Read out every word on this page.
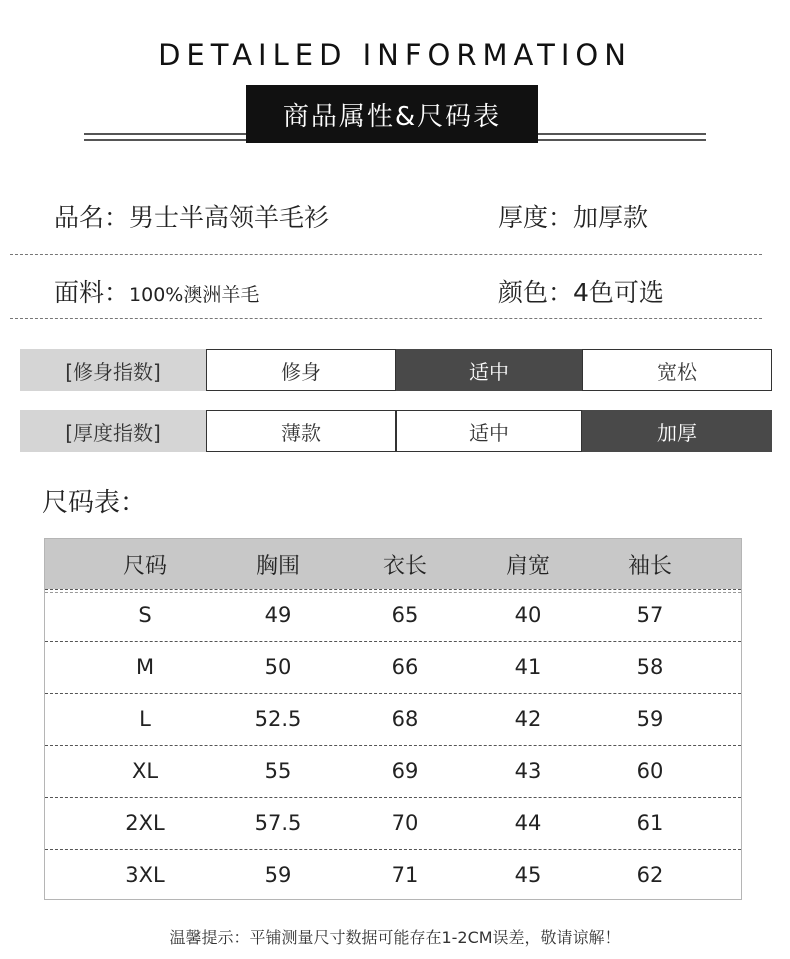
DETAILED INFORMATION
商品属性&尺码表
品名：男士半高领羊毛衫	厚度：加厚款
面料：100%澳洲羊毛	颜色：4色可选
[修身指数]	修身	适中	宽松
[厚度指数]	薄款	适中	加厚
尺码表：
尺码	胸围	衣长	肩宽	袖长
S	49	65	40	57
M	50	66	41	58
L	52.5	68	42	59
XL	55	69	43	60
2XL	57.5	70	44	61
3XL	59	71	45	62
温馨提示：平铺测量尺寸数据可能存在1-2CM误差，敬请谅解！
